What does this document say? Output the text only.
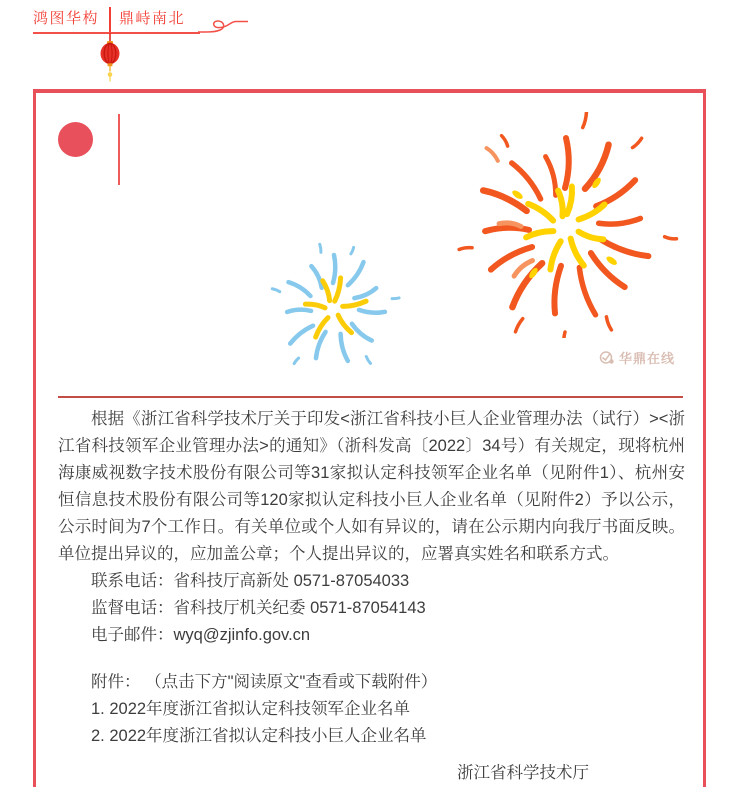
鸿图华构 鼎峙南北
华鼎在线

根据《浙江省科学技术厅关于印发<浙江省科技小巨人企业管理办法（试行）><浙江省科技领军企业管理办法>的通知》（浙科发高〔2022〕34号）有关规定，现将杭州海康威视数字技术股份有限公司等31家拟认定科技领军企业名单（见附件1）、杭州安恒信息技术股份有限公司等120家拟认定科技小巨人企业名单（见附件2）予以公示，公示时间为7个工作日。有关单位或个人如有异议的，请在公示期内向我厅书面反映。单位提出异议的，应加盖公章；个人提出异议的，应署真实姓名和联系方式。

联系电话：省科技厅高新处 0571-87054033
监督电话：省科技厅机关纪委 0571-87054143
电子邮件：wyq@zjinfo.gov.cn
附件： （点击下方"阅读原文"查看或下载附件）
1. 2022年度浙江省拟认定科技领军企业名单
2. 2022年度浙江省拟认定科技小巨人企业名单
浙江省科学技术厅
